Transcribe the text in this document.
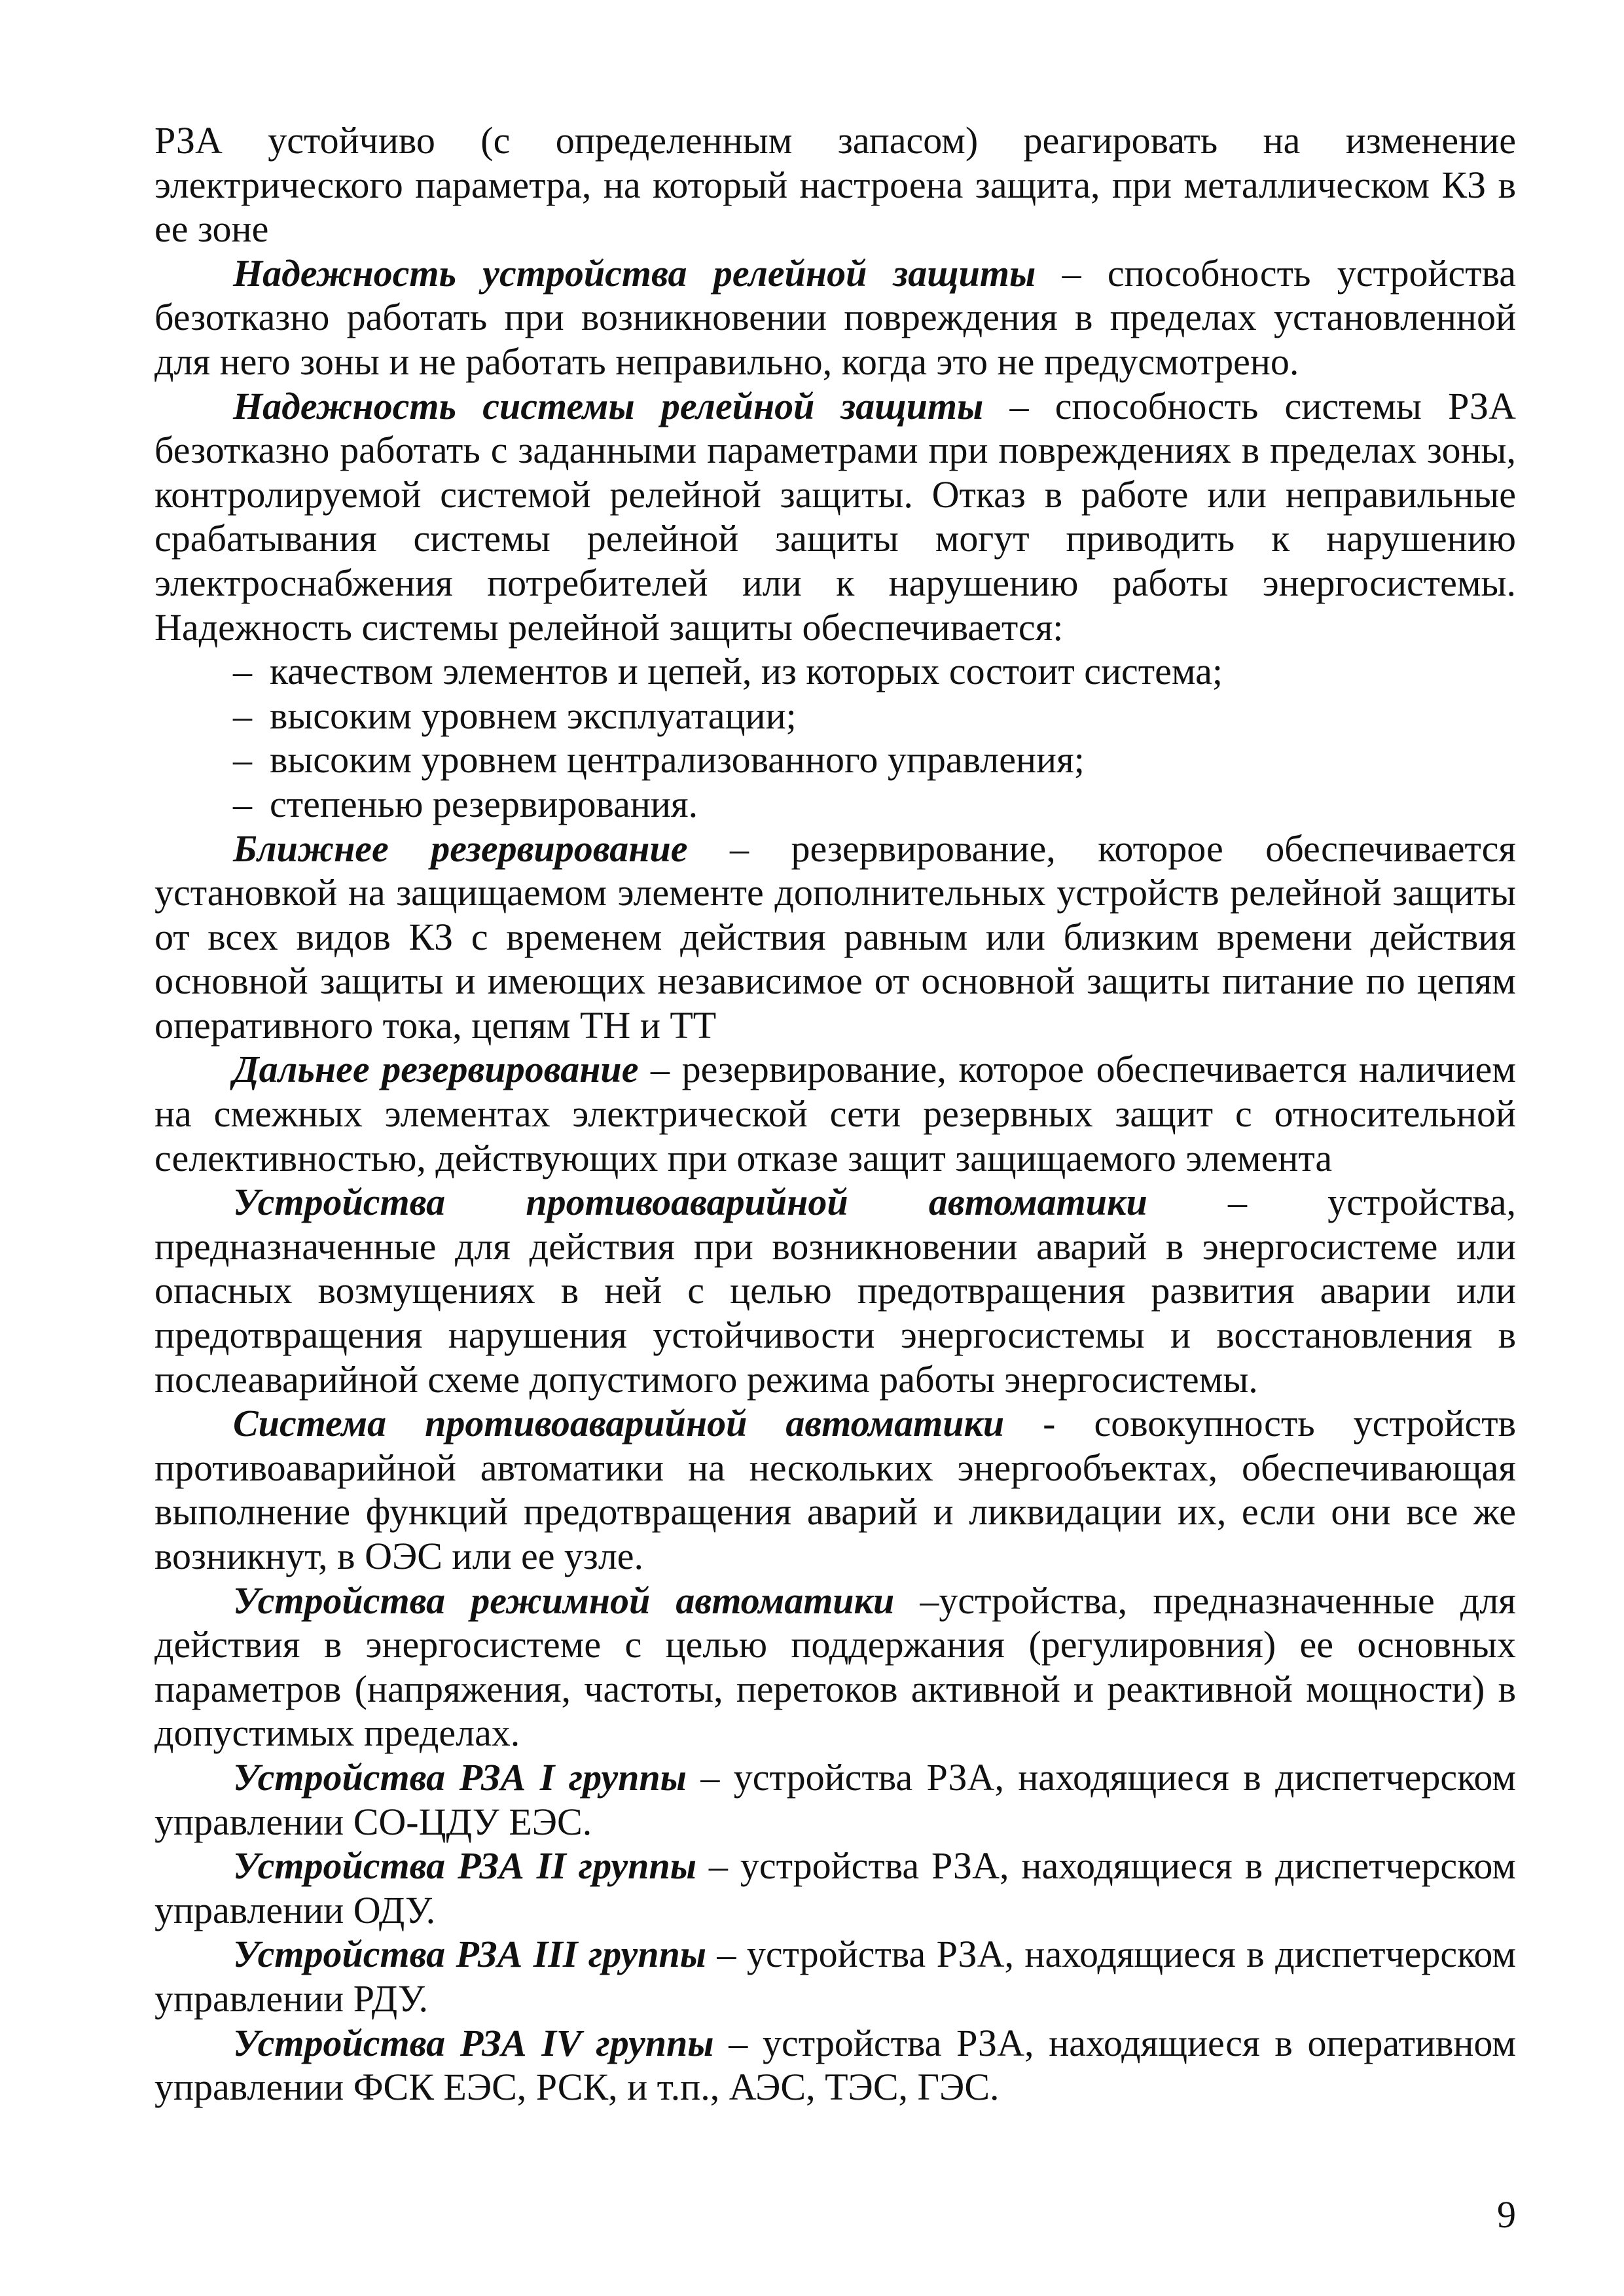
РЗА устойчиво (с определенным запасом) реагировать на изменение электрического параметра, на который настроена защита, при металлическом КЗ в ее зоне

Надежность устройства релейной защиты – способность устройства безотказно работать при возникновении повреждения в пределах установленной для него зоны и не работать неправильно, когда это не предусмотрено.

Надежность системы релейной защиты – способность системы РЗА безотказно работать с заданными параметрами при повреждениях в пределах зоны, контролируемой системой релейной защиты. Отказ в работе или неправильные срабатывания системы релейной защиты могут приводить к нарушению электроснабжения потребителей или к нарушению работы энергосистемы. Надежность системы релейной защиты обеспечивается:

– качеством элементов и цепей, из которых состоит система;
– высоким уровнем эксплуатации;
– высоким уровнем централизованного управления;
– степенью резервирования.

Ближнее резервирование – резервирование, которое обеспечивается установкой на защищаемом элементе дополнительных устройств релейной защиты от всех видов КЗ с временем действия равным или близким времени действия основной защиты и имеющих независимое от основной защиты питание по цепям оперативного тока, цепям ТН и ТТ

Дальнее резервирование – резервирование, которое обеспечивается наличием на смежных элементах электрической сети резервных защит с относительной селективностью, действующих при отказе защит защищаемого элемента

Устройства противоаварийной автоматики – устройства, предназначенные для действия при возникновении аварий в энергосистеме или опасных возмущениях в ней с целью предотвращения развития аварии или предотвращения нарушения устойчивости энергосистемы и восстановления в послеаварийной схеме допустимого режима работы энергосистемы.

Система противоаварийной автоматики - совокупность устройств противоаварийной автоматики на нескольких энергообъектах, обеспечивающая выполнение функций предотвращения аварий и ликвидации их, если они все же возникнут, в ОЭС или ее узле.

Устройства режимной автоматики –устройства, предназначенные для действия в энергосистеме с целью поддержания (регулировния) ее основных параметров (напряжения, частоты, перетоков активной и реактивной мощности) в допустимых пределах.

Устройства РЗА I группы – устройства РЗА, находящиеся в диспетчерском управлении СО-ЦДУ ЕЭС.

Устройства РЗА II группы – устройства РЗА, находящиеся в диспетчерском управлении ОДУ.

Устройства РЗА III группы – устройства РЗА, находящиеся в диспетчерском управлении РДУ.

Устройства РЗА IV группы – устройства РЗА, находящиеся в оперативном управлении ФСК ЕЭС, РСК, и т.п., АЭС, ТЭС, ГЭС.

9
